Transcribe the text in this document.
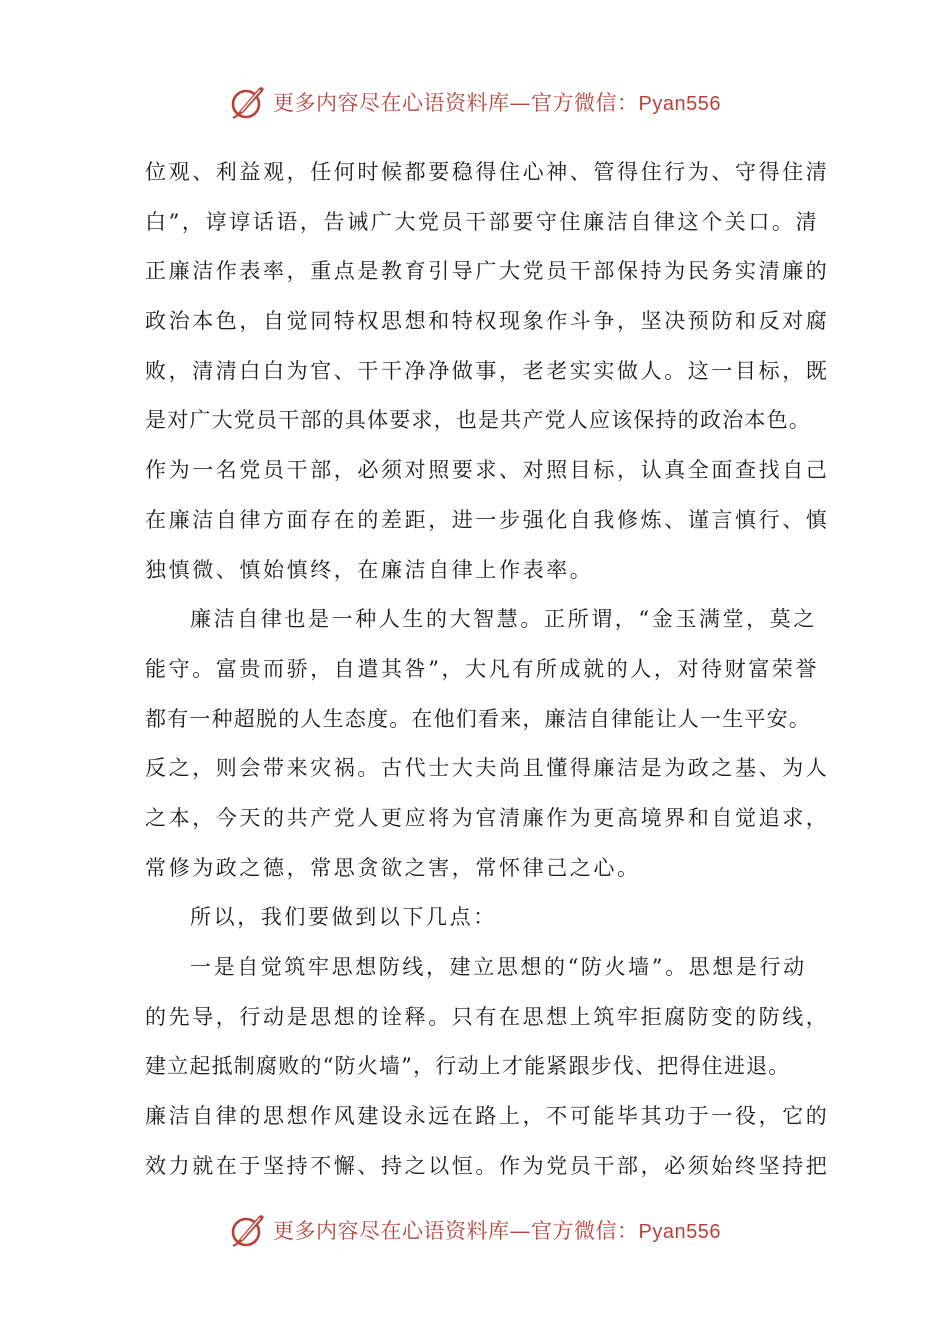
更多内容尽在心语资料库—官方微信：Pyan556
位观、利益观，任何时候都要稳得住心神、管得住行为、守得住清
白”，谆谆话语，告诫广大党员干部要守住廉洁自律这个关口。清
正廉洁作表率，重点是教育引导广大党员干部保持为民务实清廉的
政治本色，自觉同特权思想和特权现象作斗争，坚决预防和反对腐
败，清清白白为官、干干净净做事，老老实实做人。这一目标，既
是对广大党员干部的具体要求，也是共产党人应该保持的政治本色。
作为一名党员干部，必须对照要求、对照目标，认真全面查找自己
在廉洁自律方面存在的差距，进一步强化自我修炼、谨言慎行、慎
独慎微、慎始慎终，在廉洁自律上作表率。
廉洁自律也是一种人生的大智慧。正所谓，“金玉满堂，莫之
能守。富贵而骄，自遣其咎”，大凡有所成就的人，对待财富荣誉
都有一种超脱的人生态度。在他们看来，廉洁自律能让人一生平安。
反之，则会带来灾祸。古代士大夫尚且懂得廉洁是为政之基、为人
之本，今天的共产党人更应将为官清廉作为更高境界和自觉追求，
常修为政之德，常思贪欲之害，常怀律己之心。
所以，我们要做到以下几点：
一是自觉筑牢思想防线，建立思想的“防火墙”。思想是行动
的先导，行动是思想的诠释。只有在思想上筑牢拒腐防变的防线，
建立起抵制腐败的“防火墙”，行动上才能紧跟步伐、把得住进退。
廉洁自律的思想作风建设永远在路上，不可能毕其功于一役，它的
效力就在于坚持不懈、持之以恒。作为党员干部，必须始终坚持把
更多内容尽在心语资料库—官方微信：Pyan556
